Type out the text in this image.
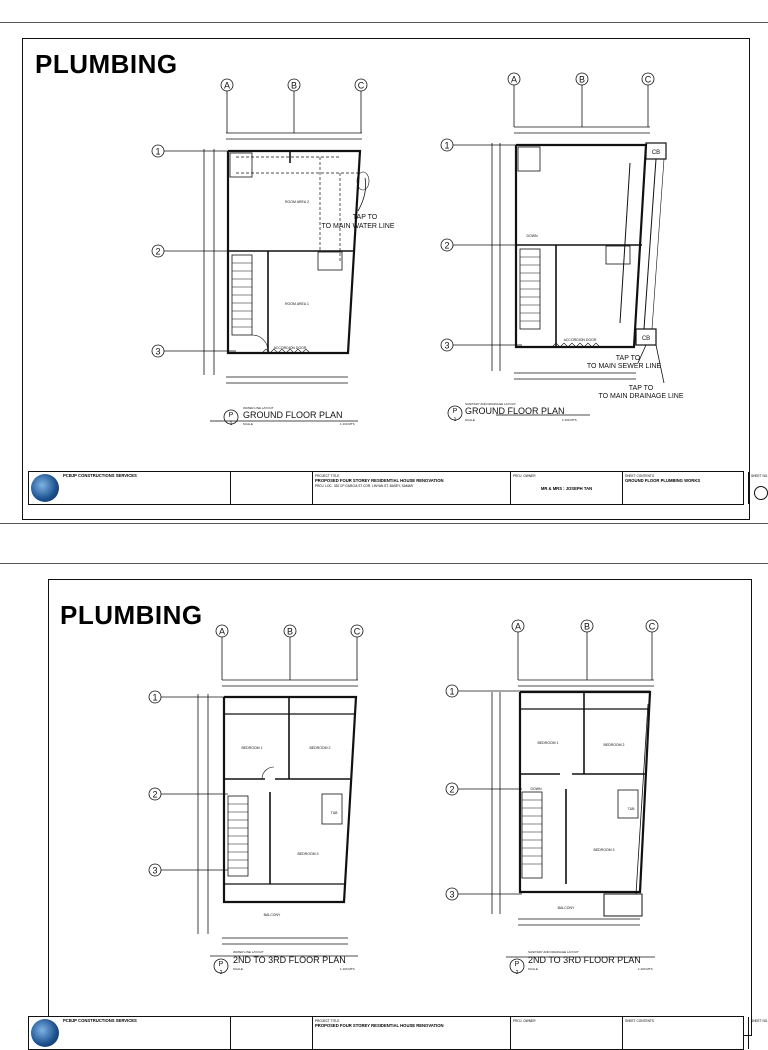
PLUMBING
A	B	C
1
2
3
A	B	C
1
2
3
ROOM AREA 2
ROOM AREA 1
ACCORDION DOOR
ACCORDION DOOR
DOWN
TAP TO
TO MAIN WATER LINE
CB
CB
TAP TO
TO MAIN SEWER LINE
TAP TO
TO MAIN DRAINAGE LINE
P
1
WATER LINE LAYOUT
GROUND FLOOR PLAN
SCALE	1:100 MTS
P
1
SANITARY AND DRAINAGE LAYOUT
GROUND FLOOR PLAN
SCALE	1:100 MTS
PCBJP CONSTRUCTIONS SERVICES	PROJECT TITLE
PROPOSED FOUR STOREY RESIDENTIAL HOUSE RENOVATION
PROJ. LOC. 320 CP GARCIA ST COR. LINYAN ST. BASEY, SAMAR
PROJ. OWNER
MR & MRS : JOSEPH TAN
SHEET CONTENTS
GROUND FLOOR PLUMBING WORKS
SHEET NO.
PLUMBING
A	B	C
1
2
3
A	B	C
1
2
3
BEDROOM 1	BEDROOM 2
BEDROOM 3
BALCONY
T&B
BEDROOM 1	BEDROOM 2
BEDROOM 3
BALCONY
T&B
DOWN
P
2
WATER LINE LAYOUT
2ND TO 3RD FLOOR PLAN
SCALE	1:100 MTS
P
2
SANITARY AND DRAINAGE LAYOUT
2ND TO 3RD FLOOR PLAN
SCALE	1:100 MTS
PCBJP CONSTRUCTIONS SERVICES	PROJECT TITLE
PROPOSED FOUR STOREY RESIDENTIAL HOUSE RENOVATION
PROJ. OWNER	SHEET CONTENTS	SHEET NO.
